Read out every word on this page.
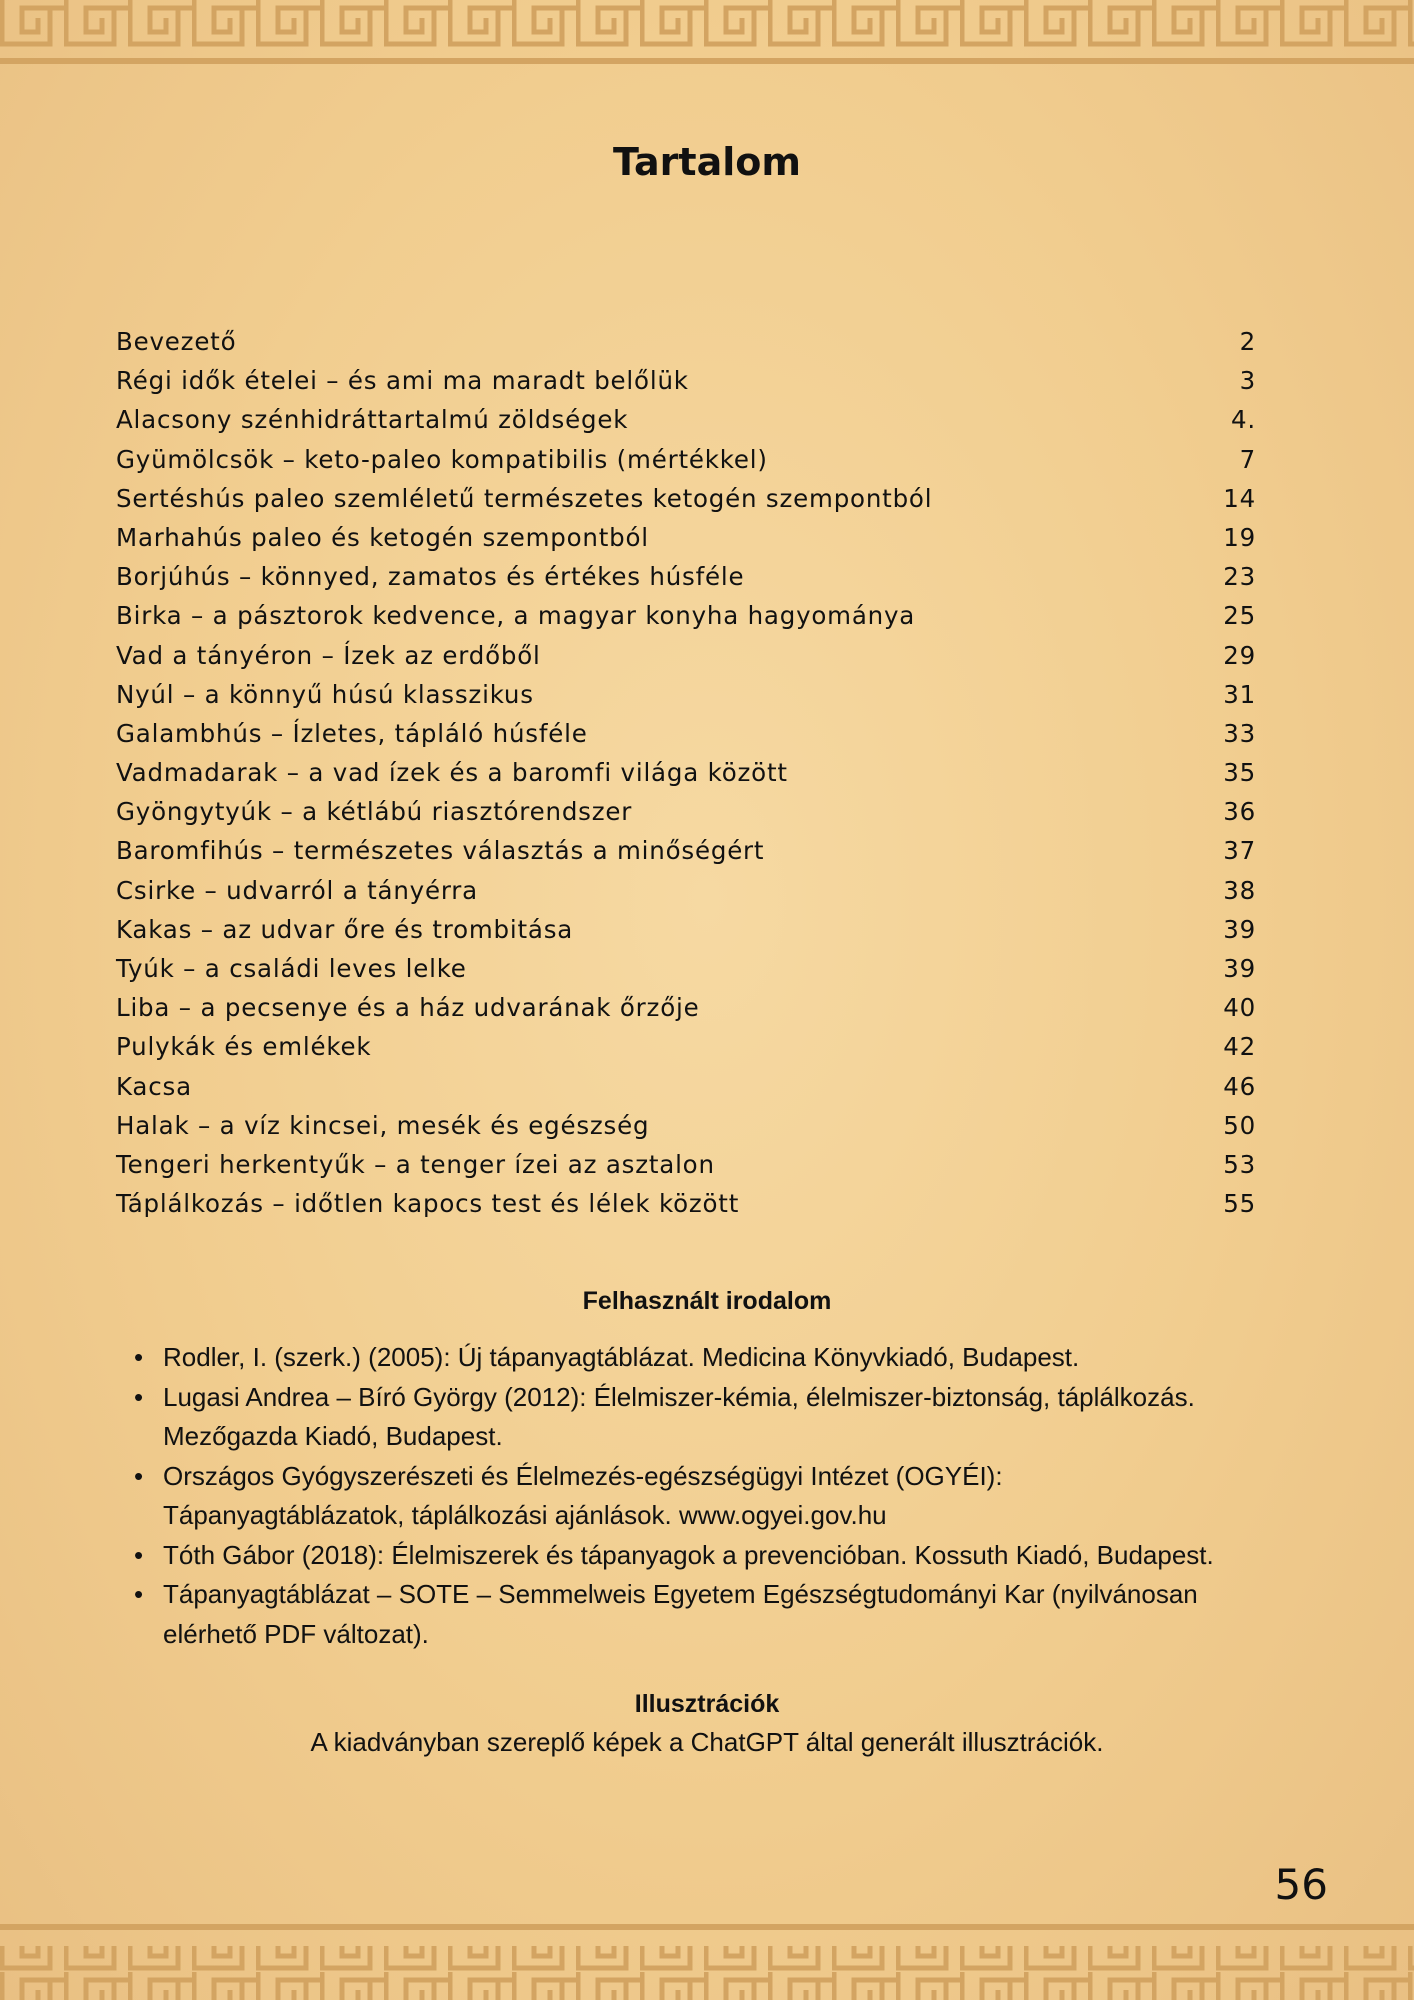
Tartalom
Bevezető	2
Régi idők ételei – és ami ma maradt belőlük	3
Alacsony szénhidráttartalmú zöldségek	4.
Gyümölcsök – keto-paleo kompatibilis (mértékkel)	7
Sertéshús paleo szemléletű természetes ketogén szempontból	14
Marhahús paleo és ketogén szempontból	19
Borjúhús – könnyed, zamatos és értékes húsféle	23
Birka – a pásztorok kedvence, a magyar konyha hagyománya	25
Vad a tányéron – Ízek az erdőből	29
Nyúl – a könnyű húsú klasszikus	31
Galambhús – Ízletes, tápláló húsféle	33
Vadmadarak – a vad ízek és a baromfi világa között	35
Gyöngytyúk – a kétlábú riasztórendszer	36
Baromfihús – természetes választás a minőségért	37
Csirke – udvarról a tányérra	38
Kakas – az udvar őre és trombitása	39
Tyúk – a családi leves lelke	39
Liba – a pecsenye és a ház udvarának őrzője	40
Pulykák és emlékek	42
Kacsa	46
Halak – a víz kincsei, mesék és egészség	50
Tengeri herkentyűk – a tenger ízei az asztalon	53
Táplálkozás – időtlen kapocs test és lélek között	55
Felhasznált irodalom
• Rodler, I. (szerk.) (2005): Új tápanyagtáblázat. Medicina Könyvkiadó, Budapest.
• Lugasi Andrea – Bíró György (2012): Élelmiszer-kémia, élelmiszer-biztonság, táplálkozás. Mezőgazda Kiadó, Budapest.
• Országos Gyógyszerészeti és Élelmezés-egészségügyi Intézet (OGYÉI): Tápanyagtáblázatok, táplálkozási ajánlások. www.ogyei.gov.hu
• Tóth Gábor (2018): Élelmiszerek és tápanyagok a prevencióban. Kossuth Kiadó, Budapest.
• Tápanyagtáblázat – SOTE – Semmelweis Egyetem Egészségtudományi Kar (nyilvánosan elérhető PDF változat).
Illusztrációk
A kiadványban szereplő képek a ChatGPT által generált illusztrációk.
56
